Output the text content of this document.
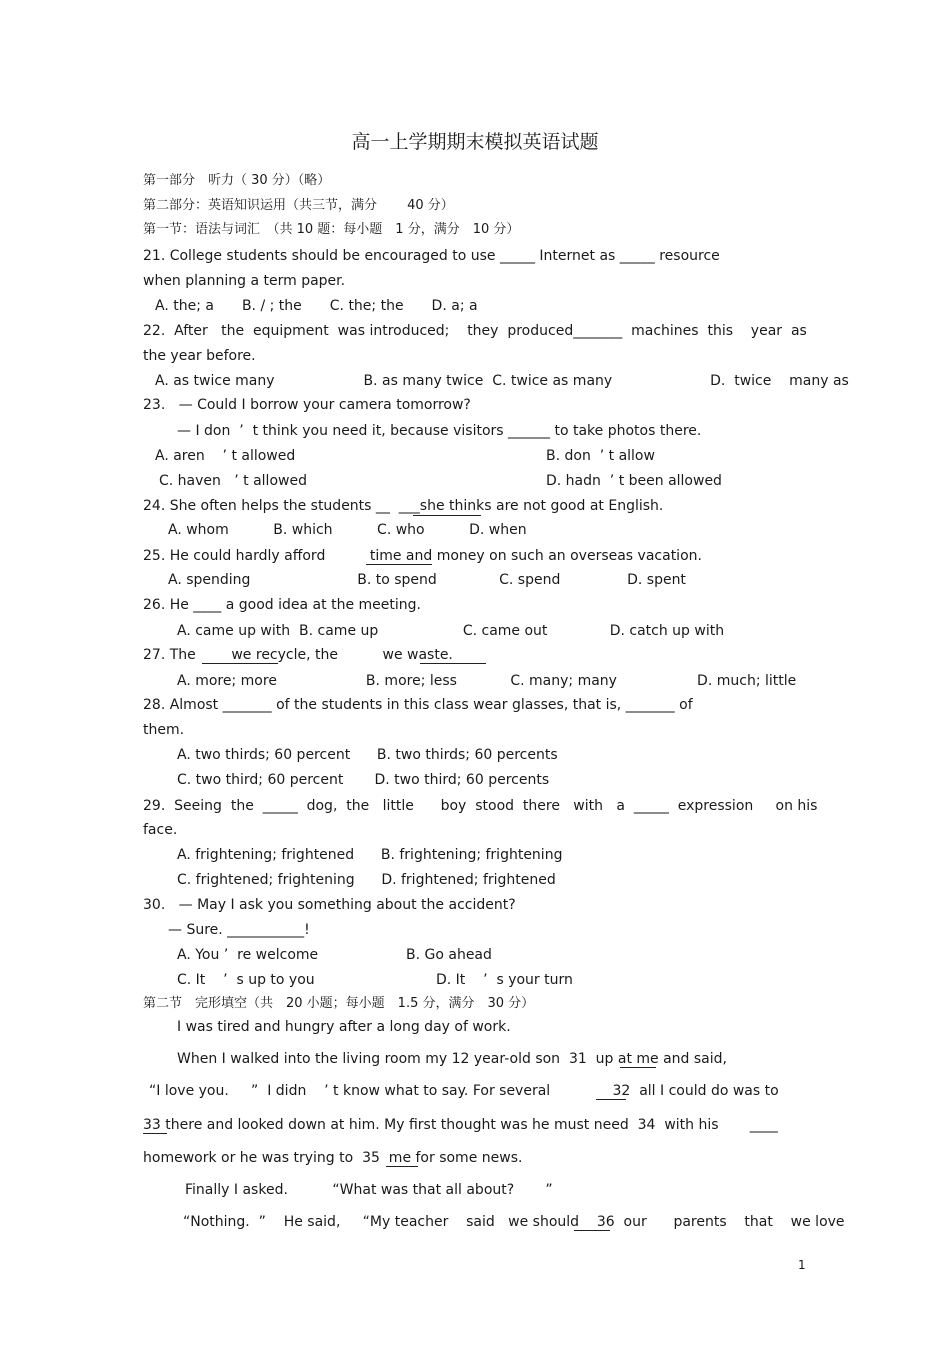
高一上学期期末模拟英语试题
第一部分　听力（ 30 分）（略）
第二部分：英语知识运用（共三节，满分　　 40 分）
第一节：语法与词汇　（共 10 题：每小题　1 分，满分　10 分）
21. College students should be encouraged to use _____ Internet as _____ resource
when planning a term paper.
A. the; a　　B. / ; the　　C. the; the　　D. a; a
22.  After   the  equipment  was introduced;    they  produced_______  machines  this    year  as
the year before.
A. as twice many                    B. as many twice  C. twice as many                      D.  twice    many as
23.   — Could I borrow your camera tomorrow?
— I don  ’  t think you need it, because visitors ______ to take photos there.
A. aren    ’ t allowed	B. don  ’ t allow
C. haven   ’ t allowed	D. hadn  ’ t been allowed
24. She often helps the students __  ___she thinks are not good at English.
A. whom          B. which          C. who          D. when
25. He could hardly afford          time and money on such an overseas vacation.
A. spending                        B. to spend              C. spend               D. spent
26. He ____ a good idea at the meeting.
A. came up with  B. came up                   C. came out              D. catch up with
27. The        we recycle, the          we waste.
A. more; more                    B. more; less            C. many; many                  D. much; little
28. Almost _______ of the students in this class wear glasses, that is, _______ of
them.
A. two thirds; 60 percent      B. two thirds; 60 percents
C. two third; 60 percent       D. two third; 60 percents
29.  Seeing  the  _____  dog,  the   little      boy  stood  there   with   a  _____  expression     on his
face.
A. frightening; frightened      B. frightening; frightening
C. frightened; frightening      D. frightened; frightened
30.   — May I ask you something about the accident?
— Sure. ___________!
A. You ’  re welcome	B. Go ahead
C. It    ’  s up to you	D. It    ’  s your turn
第二节　完形填空（共　20 小题；每小题　1.5 分，满分　30 分）
I was tired and hungry after a long day of work.
When I walked into the living room my 12 year-old son  31  up at me and said,
“I love you.     ”  I didn    ’ t know what to say. For several              32  all I could do was to
33 there and looked down at him. My first thought was he must need  34  with his       ____
homework or he was trying to  35  me for some news.
Finally I asked.          “What was that all about?       ”
“Nothing.  ”    He said,     “My teacher    said   we should    36  our      parents    that    we love
1
